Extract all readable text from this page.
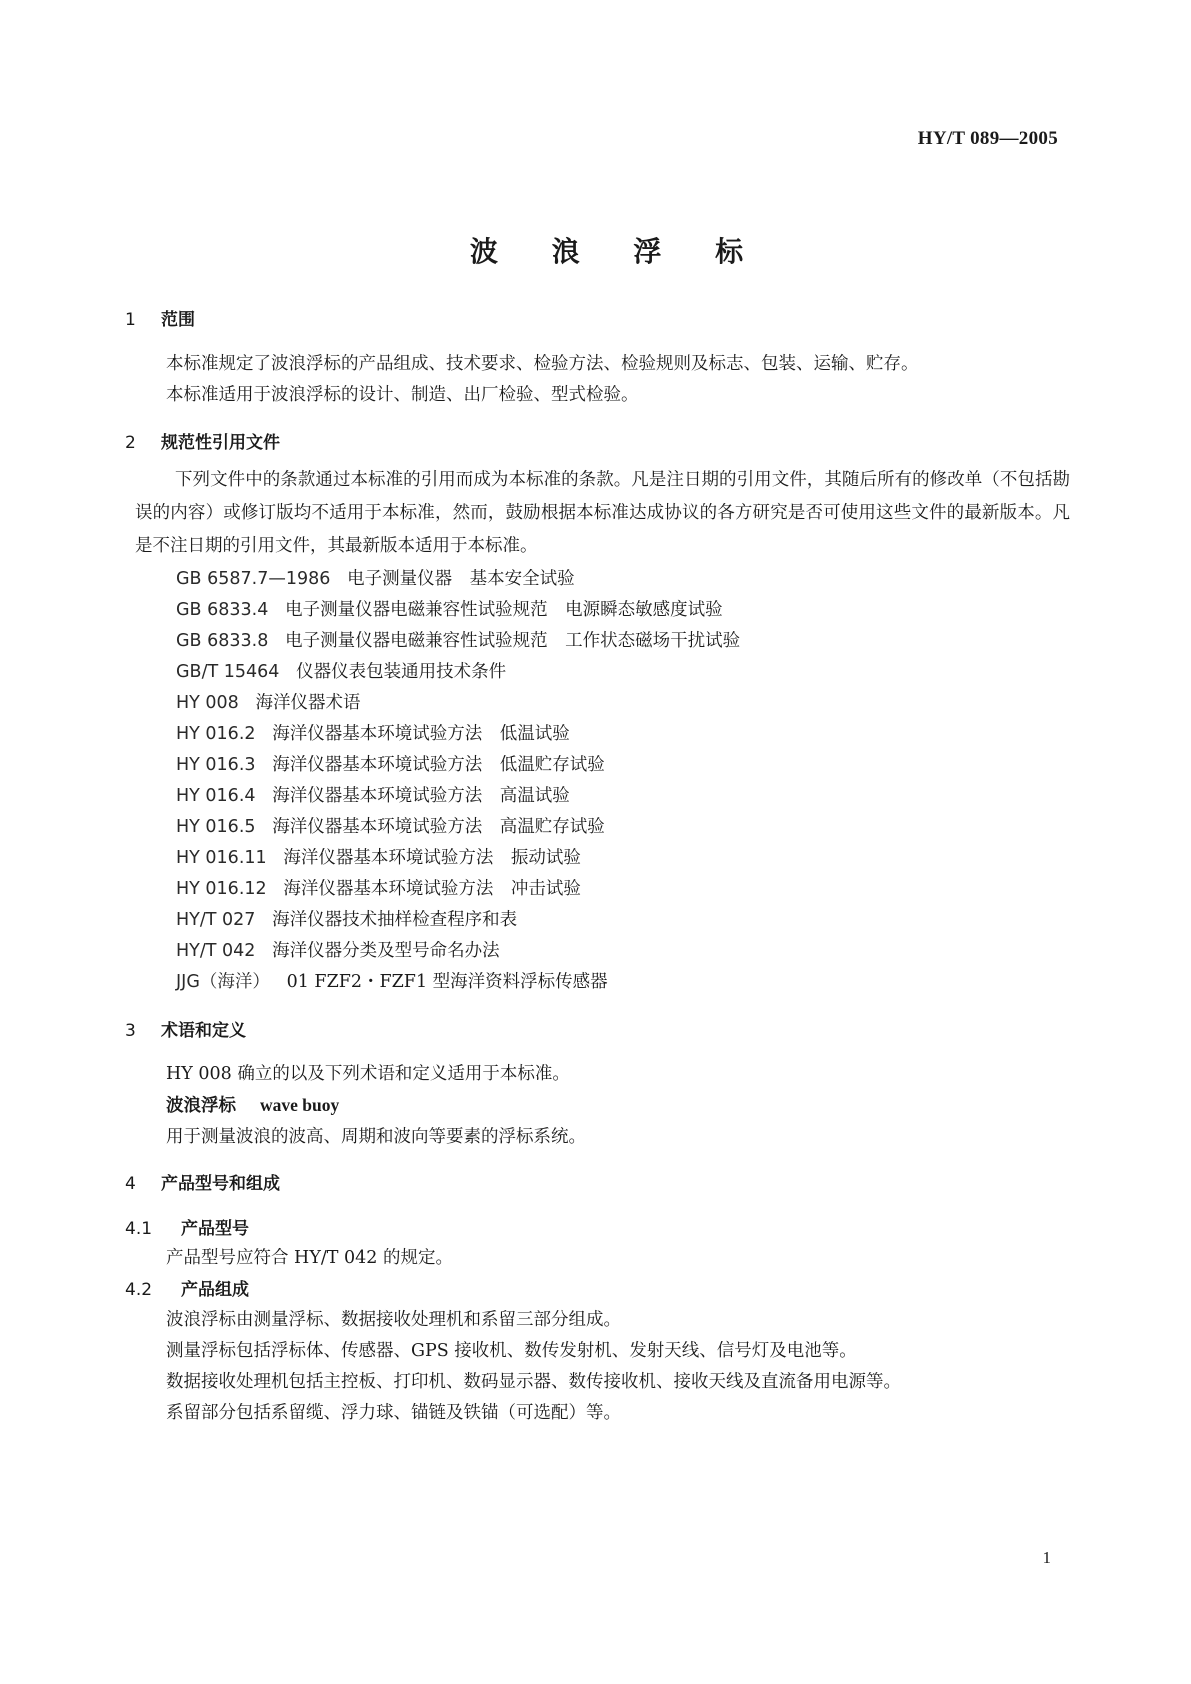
HY/T 089—2005
波 浪 浮 标
1 范围
本标准规定了波浪浮标的产品组成、技术要求、检验方法、检验规则及标志、包装、运输、贮存。
本标准适用于波浪浮标的设计、制造、出厂检验、型式检验。
2 规范性引用文件
下列文件中的条款通过本标准的引用而成为本标准的条款。凡是注日期的引用文件，其随后所有的修改单（不包括勘误的内容）或修订版均不适用于本标准，然而，鼓励根据本标准达成协议的各方研究是否可使用这些文件的最新版本。凡是不注日期的引用文件，其最新版本适用于本标准。
GB 6587.7—1986 电子测量仪器　基本安全试验
GB 6833.4 电子测量仪器电磁兼容性试验规范　电源瞬态敏感度试验
GB 6833.8 电子测量仪器电磁兼容性试验规范　工作状态磁场干扰试验
GB/T 15464 仪器仪表包装通用技术条件
HY 008 海洋仪器术语
HY 016.2 海洋仪器基本环境试验方法　低温试验
HY 016.3 海洋仪器基本环境试验方法　低温贮存试验
HY 016.4 海洋仪器基本环境试验方法　高温试验
HY 016.5 海洋仪器基本环境试验方法　高温贮存试验
HY 016.11 海洋仪器基本环境试验方法　振动试验
HY 016.12 海洋仪器基本环境试验方法　冲击试验
HY/T 027 海洋仪器技术抽样检查程序和表
HY/T 042 海洋仪器分类及型号命名办法
JJG（海洋） 01 FZF2・FZF1 型海洋资料浮标传感器
3 术语和定义
HY 008 确立的以及下列术语和定义适用于本标准。
波浪浮标 wave buoy
用于测量波浪的波高、周期和波向等要素的浮标系统。
4 产品型号和组成
4.1 产品型号
产品型号应符合 HY/T 042 的规定。
4.2 产品组成
波浪浮标由测量浮标、数据接收处理机和系留三部分组成。
测量浮标包括浮标体、传感器、GPS 接收机、数传发射机、发射天线、信号灯及电池等。
数据接收处理机包括主控板、打印机、数码显示器、数传接收机、接收天线及直流备用电源等。
系留部分包括系留缆、浮力球、锚链及铁锚（可选配）等。
1
